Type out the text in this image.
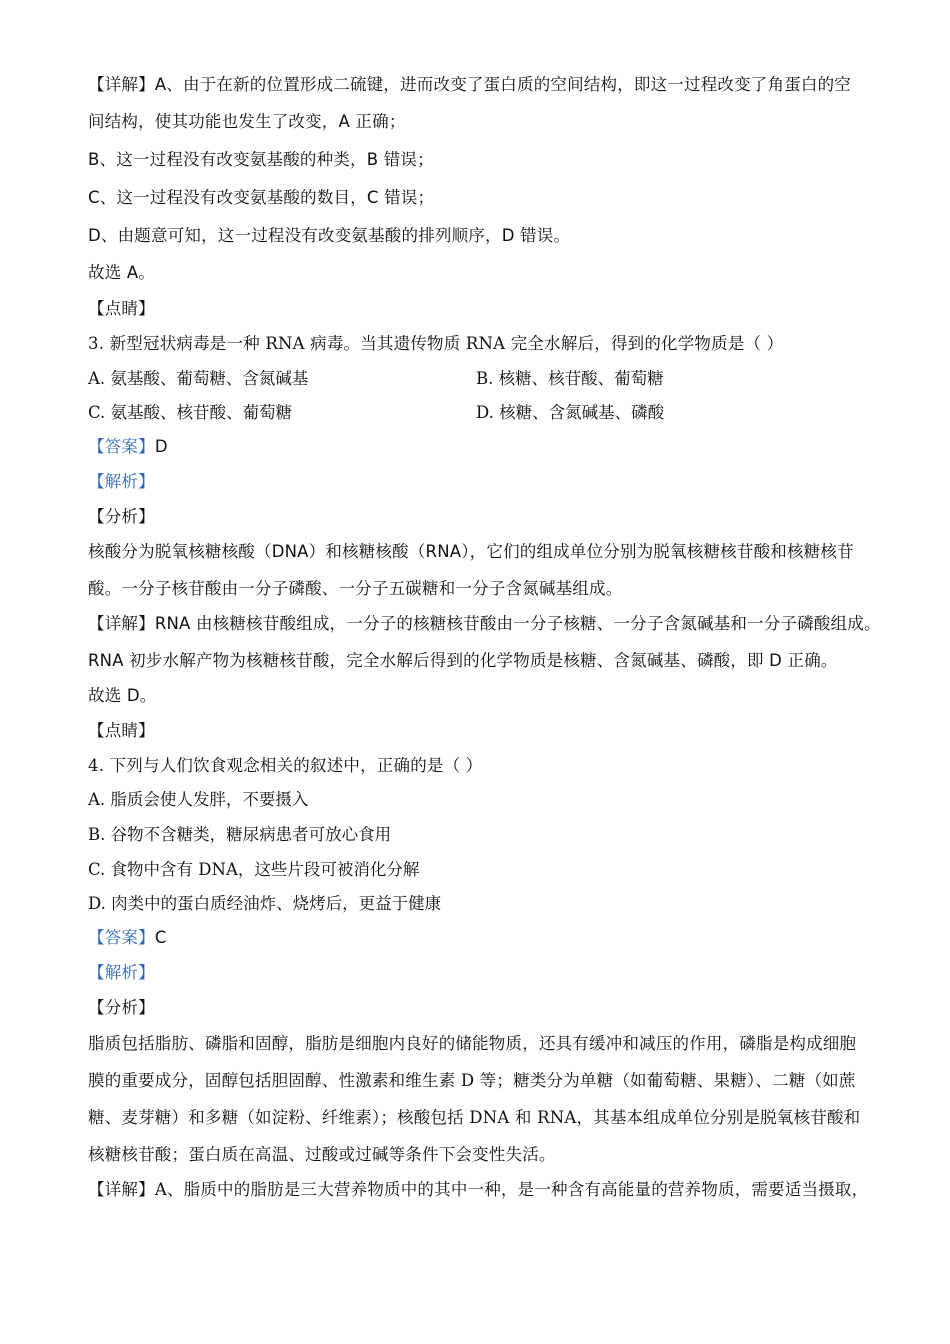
【详解】A、由于在新的位置形成二硫键，进而改变了蛋白质的空间结构，即这一过程改变了角蛋白的空
间结构，使其功能也发生了改变，A 正确；
B、这一过程没有改变氨基酸的种类，B 错误；
C、这一过程没有改变氨基酸的数目，C 错误；
D、由题意可知，这一过程没有改变氨基酸的排列顺序，D 错误。
故选 A。
【点睛】
3. 新型冠状病毒是一种 RNA 病毒。当其遗传物质 RNA 完全水解后，得到的化学物质是（ ）
A. 氨基酸、葡萄糖、含氮碱基	B. 核糖、核苷酸、葡萄糖
C. 氨基酸、核苷酸、葡萄糖	D. 核糖、含氮碱基、磷酸
【答案】D
【解析】
【分析】
核酸分为脱氧核糖核酸（DNA）和核糖核酸（RNA），它们的组成单位分别为脱氧核糖核苷酸和核糖核苷
酸。一分子核苷酸由一分子磷酸、一分子五碳糖和一分子含氮碱基组成。
【详解】RNA 由核糖核苷酸组成，一分子的核糖核苷酸由一分子核糖、一分子含氮碱基和一分子磷酸组成。
RNA 初步水解产物为核糖核苷酸，完全水解后得到的化学物质是核糖、含氮碱基、磷酸，即 D 正确。
故选 D。
【点睛】
4. 下列与人们饮食观念相关的叙述中，正确的是（ ）
A. 脂质会使人发胖，不要摄入
B. 谷物不含糖类，糖尿病患者可放心食用
C. 食物中含有 DNA，这些片段可被消化分解
D. 肉类中的蛋白质经油炸、烧烤后，更益于健康
【答案】C
【解析】
【分析】
脂质包括脂肪、磷脂和固醇，脂肪是细胞内良好的储能物质，还具有缓冲和减压的作用，磷脂是构成细胞
膜的重要成分，固醇包括胆固醇、性激素和维生素 D 等；糖类分为单糖（如葡萄糖、果糖）、二糖（如蔗
糖、麦芽糖）和多糖（如淀粉、纤维素）；核酸包括 DNA 和 RNA，其基本组成单位分别是脱氧核苷酸和
核糖核苷酸；蛋白质在高温、过酸或过碱等条件下会变性失活。
【详解】A、脂质中的脂肪是三大营养物质中的其中一种，是一种含有高能量的营养物质，需要适当摄取，
